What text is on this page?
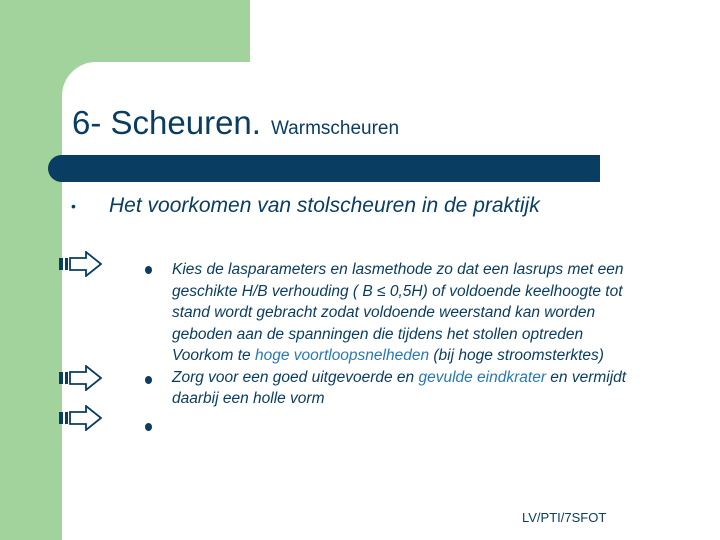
6- Scheuren. Warmscheuren
• Het voorkomen van stolscheuren in de praktijk
Kies de lasparameters en lasmethode zo dat een lasrups met een geschikte H/B verhouding ( B ≤ 0,5H) of voldoende keelhoogte tot stand wordt gebracht zodat voldoende weerstand kan worden geboden aan de spanningen die tijdens het stollen optreden
Voorkom te hoge voortloopsnelheden (bij hoge stroomsterktes)
Zorg voor een goed uitgevoerde en gevulde eindkrater en vermijdt daarbij een holle vorm
LV/PTI/7SFOT
